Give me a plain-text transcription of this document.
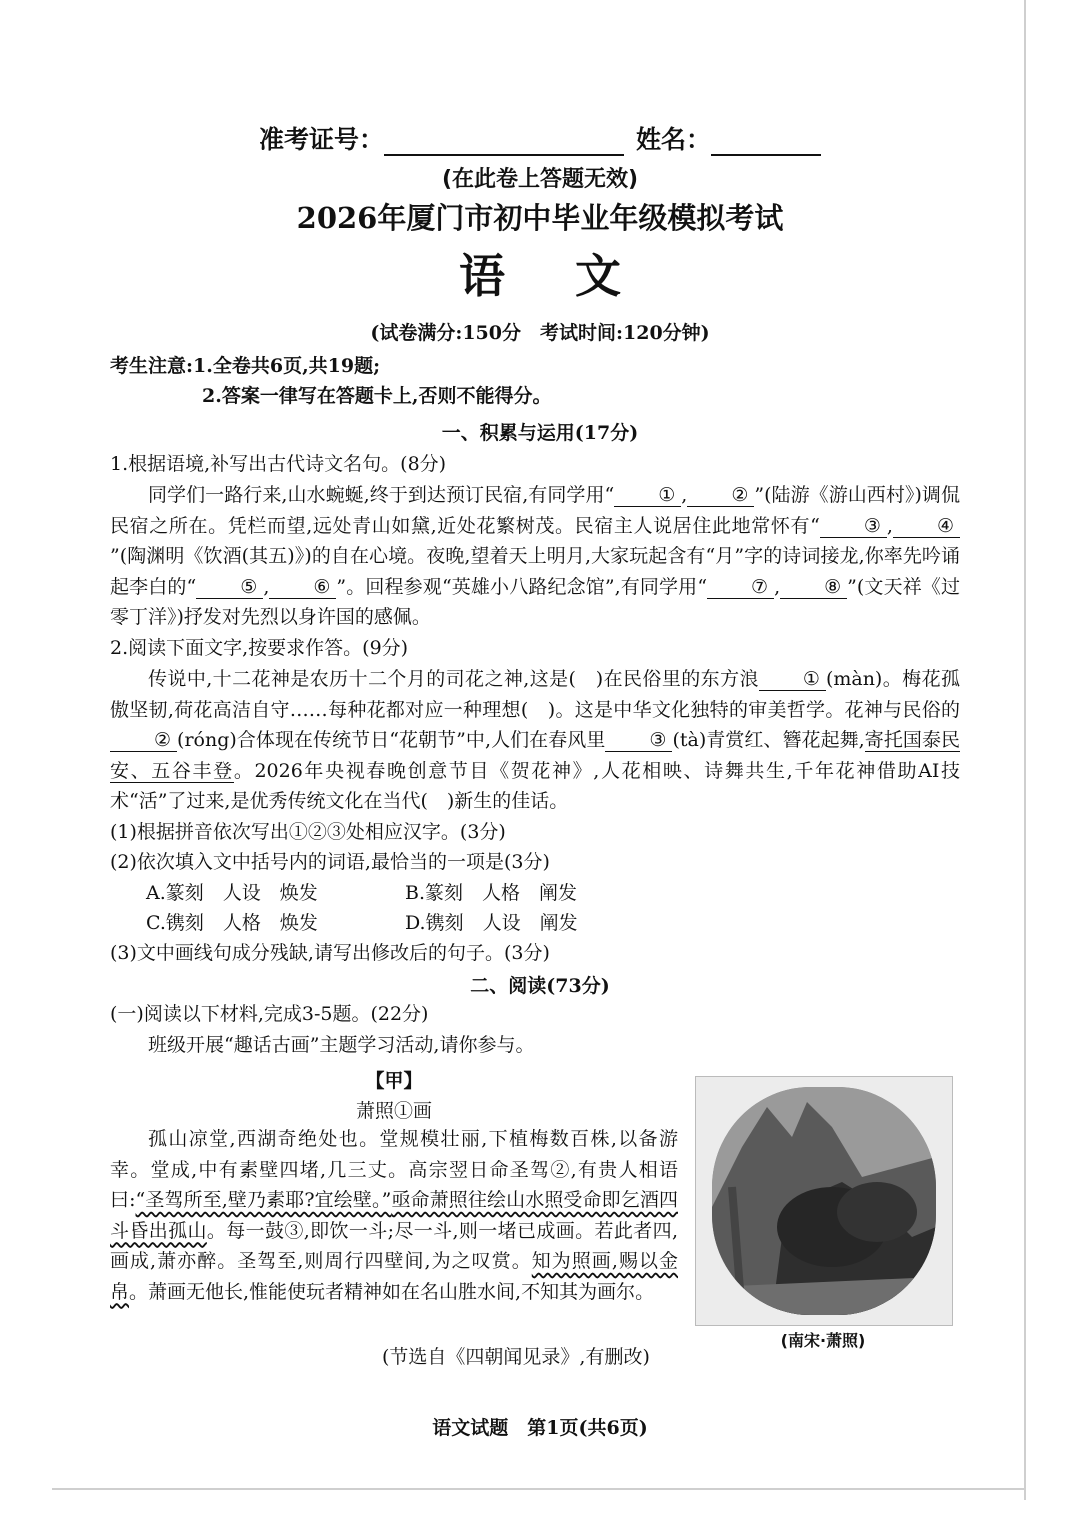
准考证号：	姓名：
(在此卷上答题无效)
2026年厦门市初中毕业年级模拟考试
语文
(试卷满分:150分　考试时间:120分钟)
考生注意:1.全卷共6页,共19题;
2.答案一律写在答题卡上,否则不能得分。
一、积累与运用(17分)
1.根据语境,补写出古代诗文名句。(8分)
同学们一路行来,山水蜿蜒,终于到达预订民宿,有同学用“ ① , ② ”(陆游《游山西村》)调侃民宿之所在。凭栏而望,远处青山如黛,近处花繁树茂。民宿主人说居住此地常怀有“ ③ , ④”(陶渊明《饮酒(其五)》)的自在心境。夜晚,望着天上明月,大家玩起含有“月”字的诗词接龙,你率先吟诵起李白的“ ⑤ , ⑥ ”。回程参观“英雄小八路纪念馆”,有同学用“ ⑦ , ⑧ ”(文天祥《过零丁洋》)抒发对先烈以身许国的感佩。
2.阅读下面文字,按要求作答。(9分)
传说中,十二花神是农历十二个月的司花之神,这是(　)在民俗里的东方浪 ① (màn)。梅花孤傲坚韧,荷花高洁自守……每种花都对应一种理想(　)。这是中华文化独特的审美哲学。花神与民俗的② (róng)合体现在传统节日“花朝节”中,人们在春风里 ③ (tà)青赏红、簪花起舞,寄托国泰民安、五谷丰登。2026年央视春晚创意节目《贺花神》,人花相映、诗舞共生,千年花神借助AI技术“活”了过来,是优秀传统文化在当代(　)新生的佳话。
(1)根据拼音依次写出①②③处相应汉字。(3分)
(2)依次填入文中括号内的词语,最恰当的一项是(3分)
A.篆刻　人设　焕发	B.篆刻　人格　阐发
C.镌刻　人格　焕发	D.镌刻　人设　阐发
(3)文中画线句成分残缺,请写出修改后的句子。(3分)
二、阅读(73分)
(一)阅读以下材料,完成3-5题。(22分)
班级开展“趣话古画”主题学习活动,请你参与。
【甲】
萧照①画
孤山凉堂,西湖奇绝处也。堂规模壮丽,下植梅数百株,以备游幸。堂成,中有素壁四堵,几三丈。高宗翌日命圣驾②,有贵人相语曰:“圣驾所至,壁乃素耶?宜绘壁。”亟命萧照往绘山水照受命即乞酒四斗昏出孤山。每一鼓③,即饮一斗;尽一斗,则一堵已成画。若此者四,画成,萧亦醉。圣驾至,则周行四壁间,为之叹赏。知为照画,赐以金帛。萧画无他长,惟能使玩者精神如在名山胜水间,不知其为画尔。
(节选自《四朝闻见录》,有删改)
(南宋·萧照)
语文试题　第1页(共6页)
